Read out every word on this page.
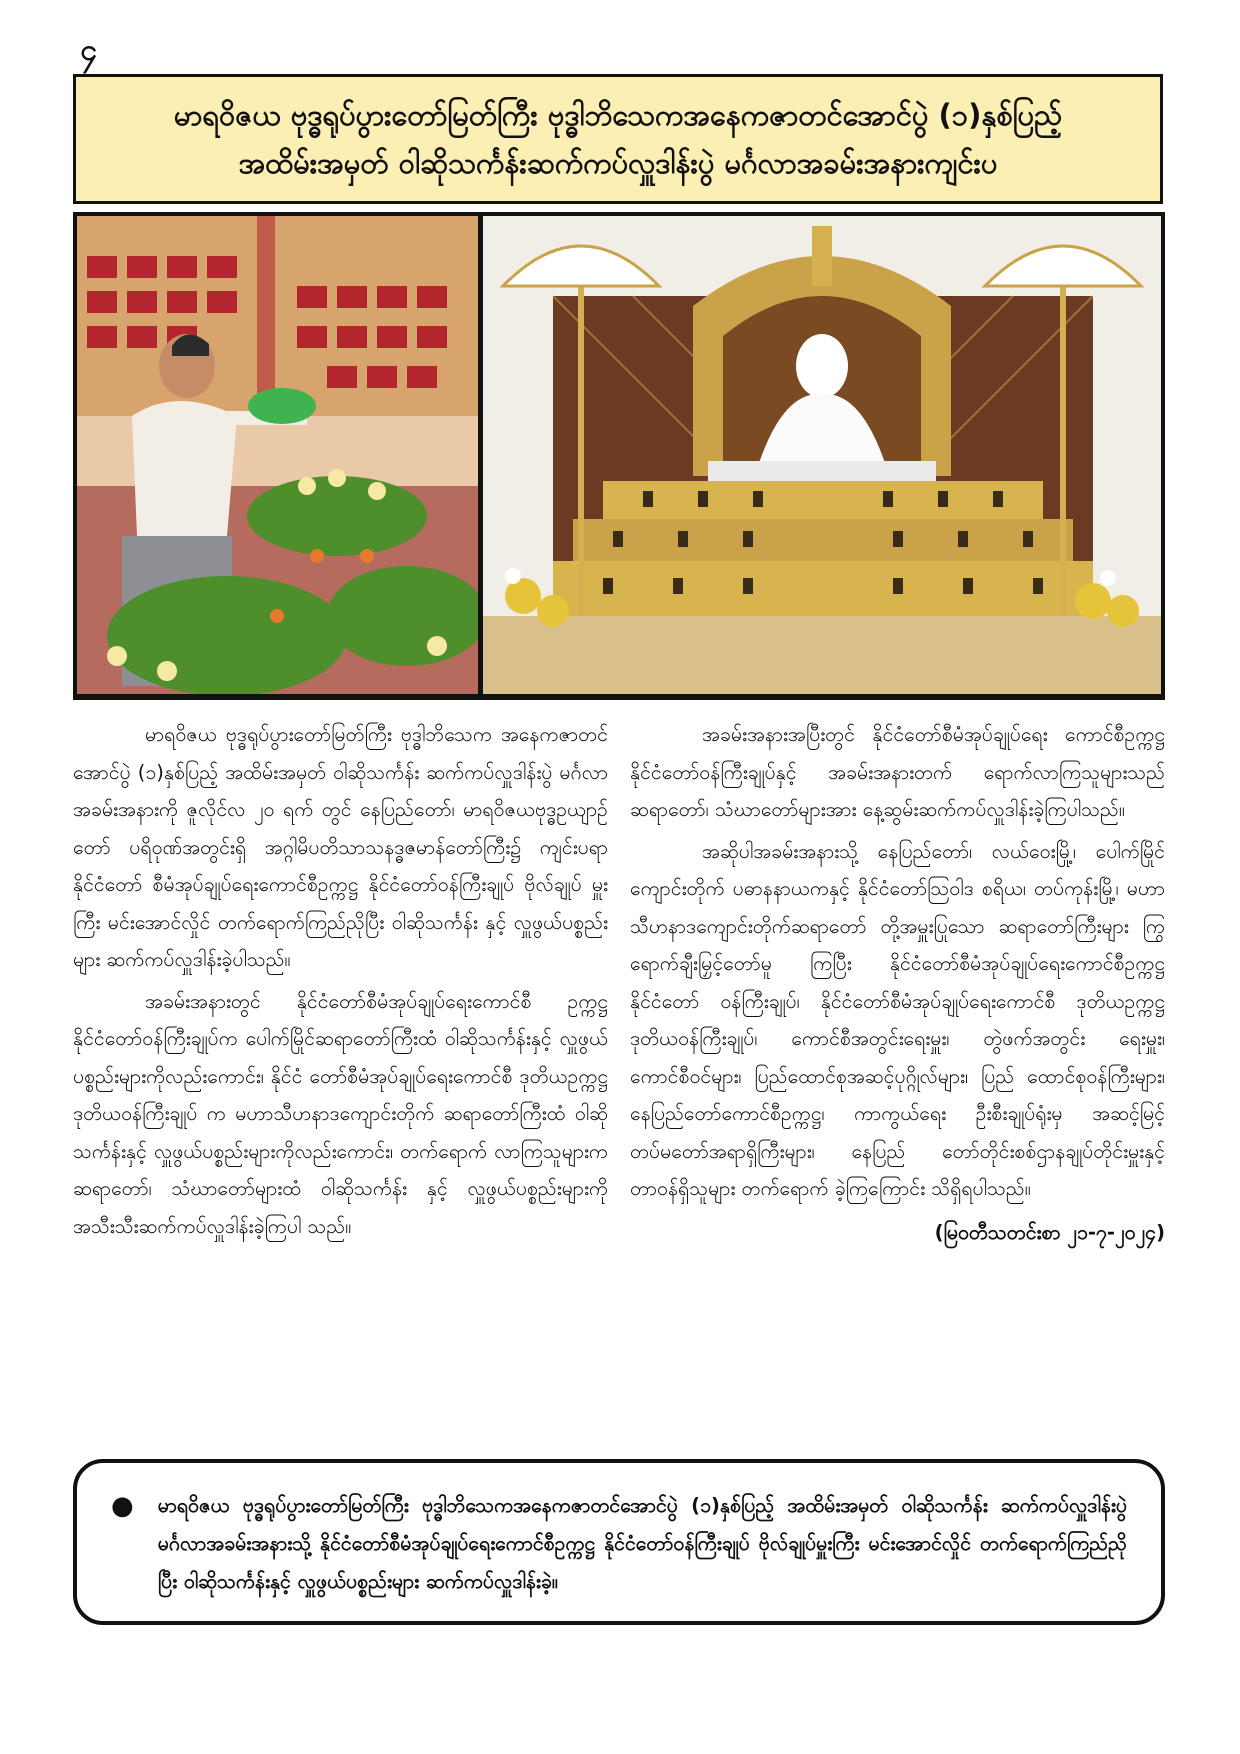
၄
မာရဝိဇယ ဗုဒ္ဓရုပ်ပွားတော်မြတ်ကြီး ဗုဒ္ဓါဘိသေကအနေကဇာတင်အောင်ပွဲ (၁)နှစ်ပြည့်
အထိမ်းအမှတ် ဝါဆိုသင်္ကန်းဆက်ကပ်လှူဒါန်းပွဲ မင်္ဂလာအခမ်းအနားကျင်းပ

မာရဝိဇယ ဗုဒ္ဓရုပ်ပွားတော်မြတ်ကြီး ဗုဒ္ဓါဘိသေက အနေကဇာတင်အောင်ပွဲ (၁)နှစ်ပြည့် အထိမ်းအမှတ် ဝါဆိုသင်္ကန်း ဆက်ကပ်လှူဒါန်းပွဲ မင်္ဂလာအခမ်းအနားကို ဇူလိုင်လ ၂၀ ရက် တွင် နေပြည်တော်၊ မာရဝိဇယဗုဒ္ဓဥယျာဉ်တော် ပရိဝုဏ်အတွင်းရှိ အဂ္ဂါမိပတိသာသနဒ္ဓဇမာန်တော်ကြီး၌ ကျင်းပရာ နိုင်ငံတော် စီမံအုပ်ချုပ်ရေးကောင်စီဥက္ကဋ္ဌ နိုင်ငံတော်ဝန်ကြီးချုပ် ဗိုလ်ချုပ် မှူးကြီး မင်းအောင်လှိုင် တက်ရောက်ကြည်ညိုပြီး ဝါဆိုသင်္ကန်း နှင့် လှူဖွယ်ပစ္စည်းများ ဆက်ကပ်လှူဒါန်းခဲ့ပါသည်။

အခမ်းအနားတွင် နိုင်ငံတော်စီမံအုပ်ချုပ်ရေးကောင်စီ ဥက္ကဋ္ဌ နိုင်ငံတော်ဝန်ကြီးချုပ်က ပေါက်မြိုင်ဆရာတော်ကြီးထံ ဝါဆိုသင်္ကန်းနှင့် လှူဖွယ်ပစ္စည်းများကိုလည်းကောင်း၊ နိုင်ငံ တော်စီမံအုပ်ချုပ်ရေးကောင်စီ ဒုတိယဥက္ကဋ္ဌ ဒုတိယဝန်ကြီးချုပ် က မဟာသီဟနာဒကျောင်းတိုက် ဆရာတော်ကြီးထံ ဝါဆို သင်္ကန်းနှင့် လှူဖွယ်ပစ္စည်းများကိုလည်းကောင်း၊ တက်ရောက် လာကြသူများက ဆရာတော်၊ သံဃာတော်များထံ ဝါဆိုသင်္ကန်း နှင့် လှူဖွယ်ပစ္စည်းများကို အသီးသီးဆက်ကပ်လှူဒါန်းခဲ့ကြပါ သည်။

အခမ်းအနားအပြီးတွင် နိုင်ငံတော်စီမံအုပ်ချုပ်ရေး ကောင်စီဥက္ကဋ္ဌ နိုင်ငံတော်ဝန်ကြီးချုပ်နှင့် အခမ်းအနားတက် ရောက်လာကြသူများသည် ဆရာတော်၊ သံဃာတော်များအား နေ့ဆွမ်းဆက်ကပ်လှူဒါန်းခဲ့ကြပါသည်။

အဆိုပါအခမ်းအနားသို့ နေပြည်တော်၊ လယ်ဝေးမြို့၊ ပေါက်မြိုင်ကျောင်းတိုက် ပဓာနနာယကနှင့် နိုင်ငံတော်ဩဝါဒ စရိယ၊ တပ်ကုန်းမြို့၊ မဟာသီဟနာဒကျောင်းတိုက်ဆရာတော် တို့အမှူးပြုသော ဆရာတော်ကြီးများ ကြွရောက်ချီးမြှင့်တော်မူ ကြပြီး နိုင်ငံတော်စီမံအုပ်ချုပ်ရေးကောင်စီဥက္ကဋ္ဌ နိုင်ငံတော် ဝန်ကြီးချုပ်၊ နိုင်ငံတော်စီမံအုပ်ချုပ်ရေးကောင်စီ ဒုတိယဥက္ကဋ္ဌ ဒုတိယဝန်ကြီးချုပ်၊ ကောင်စီအတွင်းရေးမှူး၊ တွဲဖက်အတွင်း ရေးမှူး၊ ကောင်စီဝင်များ၊ ပြည်ထောင်စုအဆင့်ပုဂ္ဂိုလ်များ၊ ပြည် ထောင်စုဝန်ကြီးများ၊ နေပြည်တော်ကောင်စီဥက္ကဋ္ဌ၊ ကာကွယ်ရေး ဦးစီးချုပ်ရုံးမှ အဆင့်မြင့်တပ်မတော်အရာရှိကြီးများ၊ နေပြည် တော်တိုင်းစစ်ဌာနချုပ်တိုင်းမှူးနှင့် တာဝန်ရှိသူများ တက်ရောက် ခဲ့ကြကြောင်း သိရှိရပါသည်။

(မြဝတီသတင်းစာ ၂၁-၇-၂၀၂၄)

● မာရဝိဇယ ဗုဒ္ဓရုပ်ပွားတော်မြတ်ကြီး ဗုဒ္ဓါဘိသေကအနေကဇာတင်အောင်ပွဲ (၁)နှစ်ပြည့် အထိမ်းအမှတ် ဝါဆိုသင်္ကန်း ဆက်ကပ်လှူဒါန်းပွဲ မင်္ဂလာအခမ်းအနားသို့ နိုင်ငံတော်စီမံအုပ်ချုပ်ရေးကောင်စီဥက္ကဋ္ဌ နိုင်ငံတော်ဝန်ကြီးချုပ် ဗိုလ်ချုပ်မှူးကြီး မင်းအောင်လှိုင် တက်ရောက်ကြည်ညိုပြီး ဝါဆိုသင်္ကန်းနှင့် လှူဖွယ်ပစ္စည်းများ ဆက်ကပ်လှူဒါန်းခဲ့။
